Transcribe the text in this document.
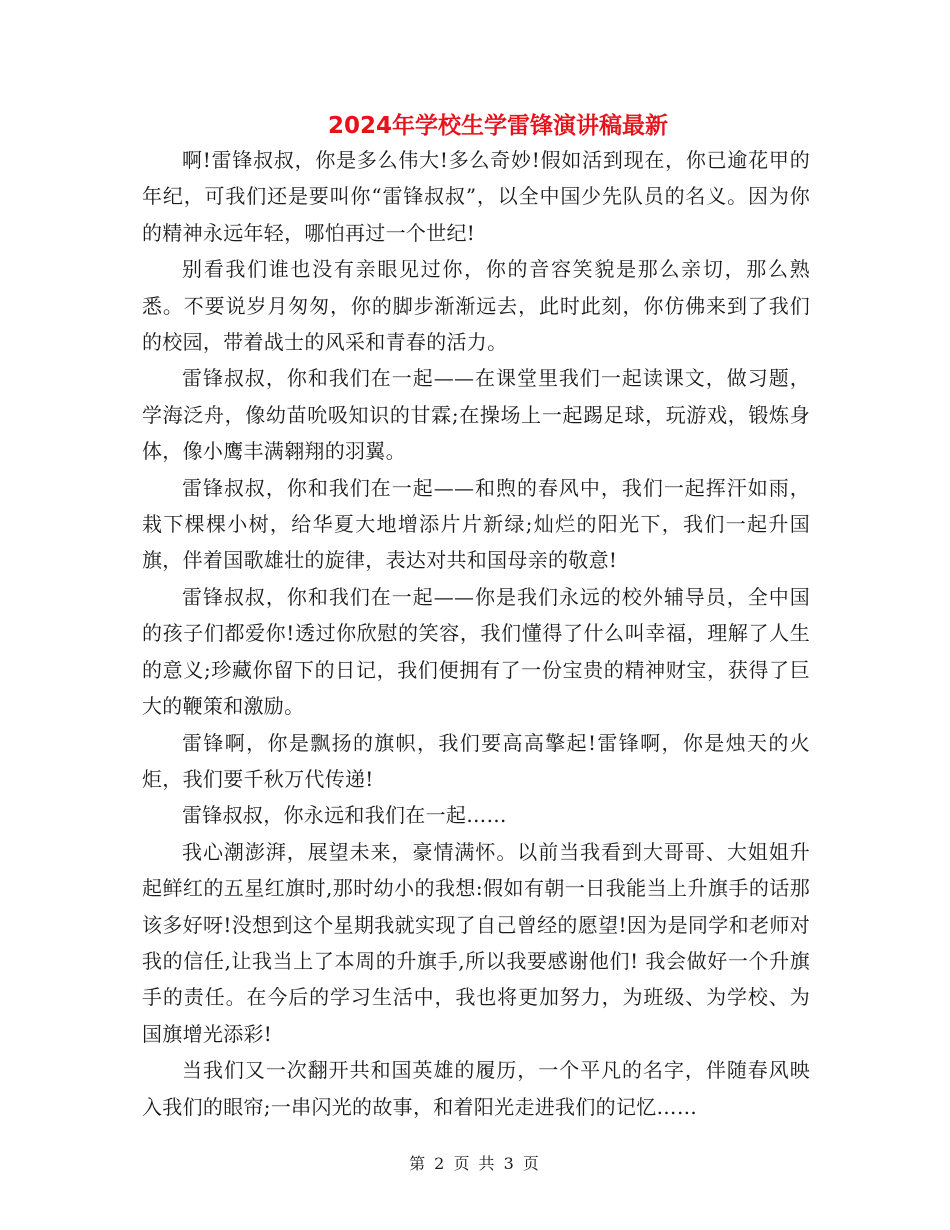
2024年学校生学雷锋演讲稿最新

啊!雷锋叔叔，你是多么伟大!多么奇妙!假如活到现在，你已逾花甲的年纪，可我们还是要叫你“雷锋叔叔”，以全中国少先队员的名义。因为你的精神永远年轻，哪怕再过一个世纪!

别看我们谁也没有亲眼见过你，你的音容笑貌是那么亲切，那么熟悉。不要说岁月匆匆，你的脚步渐渐远去，此时此刻，你仿佛来到了我们的校园，带着战士的风采和青春的活力。

雷锋叔叔，你和我们在一起——在课堂里我们一起读课文，做习题，学海泛舟，像幼苗吮吸知识的甘霖;在操场上一起踢足球，玩游戏，锻炼身体，像小鹰丰满翱翔的羽翼。

雷锋叔叔，你和我们在一起——和煦的春风中，我们一起挥汗如雨，栽下棵棵小树，给华夏大地增添片片新绿;灿烂的阳光下，我们一起升国旗，伴着国歌雄壮的旋律，表达对共和国母亲的敬意!

雷锋叔叔，你和我们在一起——你是我们永远的校外辅导员，全中国的孩子们都爱你!透过你欣慰的笑容，我们懂得了什么叫幸福，理解了人生的意义;珍藏你留下的日记，我们便拥有了一份宝贵的精神财宝，获得了巨大的鞭策和激励。

雷锋啊，你是飘扬的旗帜，我们要高高擎起!雷锋啊，你是烛天的火炬，我们要千秋万代传递!

雷锋叔叔，你永远和我们在一起……

我心潮澎湃，展望未来，豪情满怀。以前当我看到大哥哥、大姐姐升起鲜红的五星红旗时,那时幼小的我想:假如有朝一日我能当上升旗手的话那该多好呀!没想到这个星期我就实现了自己曾经的愿望!因为是同学和老师对我的信任,让我当上了本周的升旗手,所以我要感谢他们! 我会做好一个升旗手的责任。在今后的学习生活中，我也将更加努力，为班级、为学校、为国旗增光添彩!

当我们又一次翻开共和国英雄的履历，一个平凡的名字，伴随春风映入我们的眼帘;一串闪光的故事，和着阳光走进我们的记忆……

第 2 页 共 3 页
